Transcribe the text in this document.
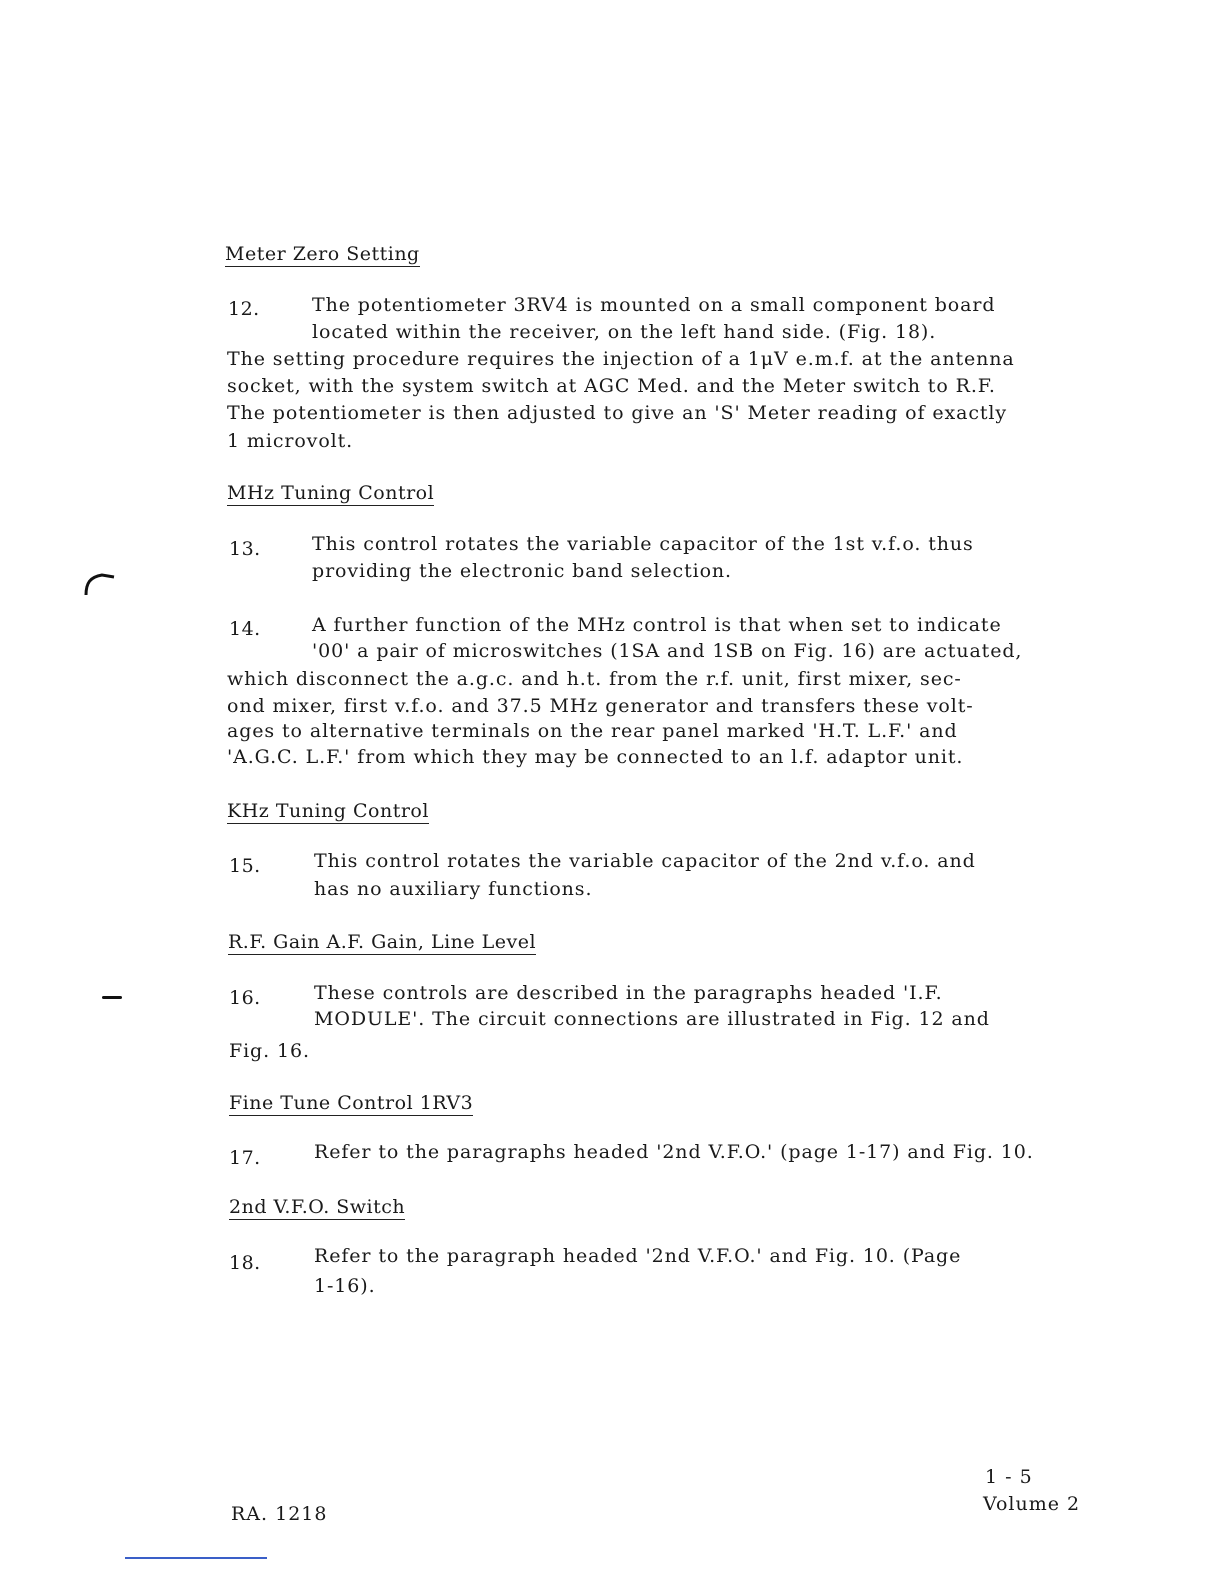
Meter Zero Setting
12.	The potentiometer 3RV4 is mounted on a small component board
located within the receiver, on the left hand side. (Fig. 18).
The setting procedure requires the injection of a 1μV e.m.f. at the antenna
socket, with the system switch at AGC Med. and the Meter switch to R.F.
The potentiometer is then adjusted to give an 'S' Meter reading of exactly
1 microvolt.
MHz Tuning Control
13.	This control rotates the variable capacitor of the 1st v.f.o. thus
providing the electronic band selection.
14.	A further function of the MHz control is that when set to indicate
'00' a pair of microswitches (1SA and 1SB on Fig. 16) are actuated,
which disconnect the a.g.c. and h.t. from the r.f. unit, first mixer, sec-
ond mixer, first v.f.o. and 37.5 MHz generator and transfers these volt-
ages to alternative terminals on the rear panel marked 'H.T. L.F.' and
'A.G.C. L.F.' from which they may be connected to an l.f. adaptor unit.
KHz Tuning Control
15.	This control rotates the variable capacitor of the 2nd v.f.o. and
has no auxiliary functions.
R.F. Gain A.F. Gain, Line Level
16.	These controls are described in the paragraphs headed 'I.F.
MODULE'. The circuit connections are illustrated in Fig. 12 and
Fig. 16.
Fine Tune Control 1RV3
17.	Refer to the paragraphs headed '2nd V.F.O.' (page 1-17) and Fig. 10.
2nd V.F.O. Switch
18.	Refer to the paragraph headed '2nd V.F.O.' and Fig. 10. (Page
1-16).
RA. 1218
1 - 5
Volume 2
